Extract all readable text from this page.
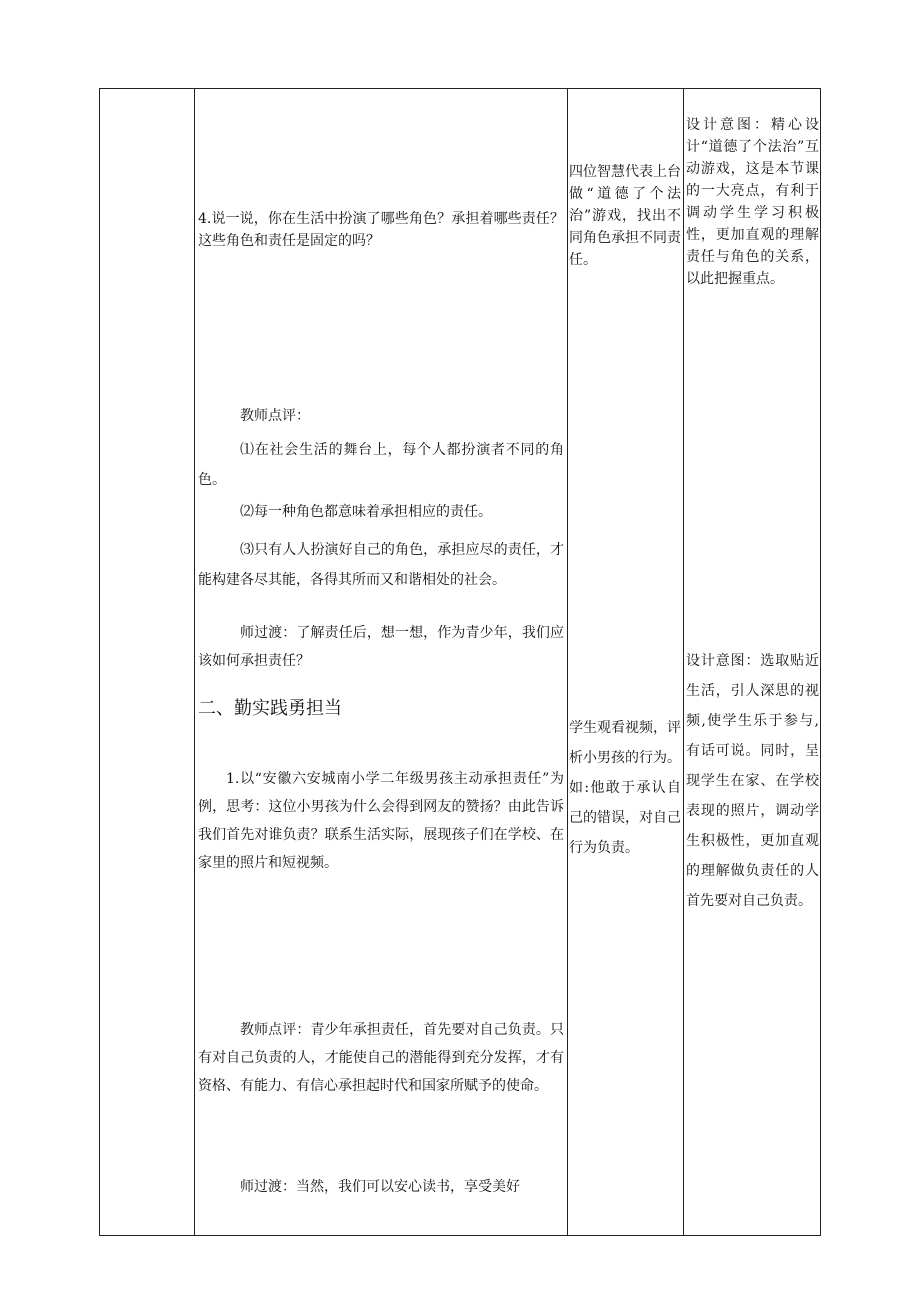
4.说一说，你在生活中扮演了哪些角色？承担着哪些责任？这些角色和责任是固定的吗？

教师点评：

⑴在社会生活的舞台上，每个人都扮演者不同的角色。

⑵每一种角色都意味着承担相应的责任。

⑶只有人人扮演好自己的角色，承担应尽的责任，才能构建各尽其能，各得其所而又和谐相处的社会。

师过渡：了解责任后，想一想，作为青少年，我们应该如何承担责任？

二、勤实践勇担当

1.以“安徽六安城南小学二年级男孩主动承担责任”为例，思考：这位小男孩为什么会得到网友的赞扬？由此告诉我们首先对谁负责？联系生活实际，展现孩子们在学校、在家里的照片和短视频。

教师点评：青少年承担责任，首先要对自己负责。只有对自己负责的人，才能使自己的潜能得到充分发挥，才有资格、有能力、有信心承担起时代和国家所赋予的使命。

师过渡：当然，我们可以安心读书，享受美好

四位智慧代表上台做“道德了个法治”游戏，找出不同角色承担不同责任。

学生观看视频，评析小男孩的行为。如:他敢于承认自己的错误，对自己行为负责。

设计意图：精心设计“道德了个法治”互动游戏，这是本节课的一大亮点，有利于调动学生学习积极性，更加直观的理解责任与角色的关系，以此把握重点。

设计意图：选取贴近生活，引人深思的视频,使学生乐于参与,有话可说。同时，呈现学生在家、在学校表现的照片，调动学生积极性，更加直观的理解做负责任的人首先要对自己负责。
